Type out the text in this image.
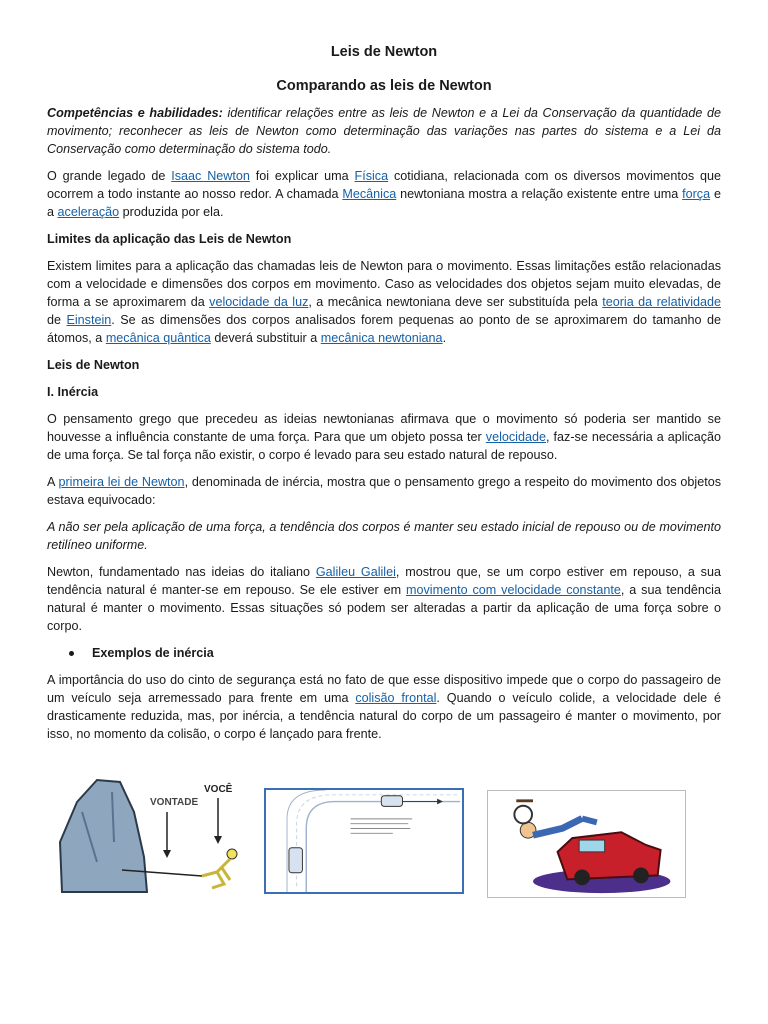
Leis de Newton
Comparando as leis de Newton

Competências e habilidades: identificar relações entre as leis de Newton e a Lei da Conservação da quantidade de movimento; reconhecer as leis de Newton como determinação das variações nas partes do sistema e a Lei da Conservação como determinação do sistema todo.

O grande legado de Isaac Newton foi explicar uma Física cotidiana, relacionada com os diversos movimentos que ocorrem a todo instante ao nosso redor. A chamada Mecânica newtoniana mostra a relação existente entre uma força e a aceleração produzida por ela.

Limites da aplicação das Leis de Newton

Existem limites para a aplicação das chamadas leis de Newton para o movimento. Essas limitações estão relacionadas com a velocidade e dimensões dos corpos em movimento. Caso as velocidades dos objetos sejam muito elevadas, de forma a se aproximarem da velocidade da luz, a mecânica newtoniana deve ser substituída pela teoria da relatividade de Einstein. Se as dimensões dos corpos analisados forem pequenas ao ponto de se aproximarem do tamanho de átomos, a mecânica quântica deverá substituir a mecânica newtoniana.

Leis de Newton

I. Inércia

O pensamento grego que precedeu as ideias newtonianas afirmava que o movimento só poderia ser mantido se houvesse a influência constante de uma força. Para que um objeto possa ter velocidade, faz-se necessária a aplicação de uma força. Se tal força não existir, o corpo é levado para seu estado natural de repouso.

A primeira lei de Newton, denominada de inércia, mostra que o pensamento grego a respeito do movimento dos objetos estava equivocado:

A não ser pela aplicação de uma força, a tendência dos corpos é manter seu estado inicial de repouso ou de movimento retilíneo uniforme.

Newton, fundamentado nas ideias do italiano Galileu Galilei, mostrou que, se um corpo estiver em repouso, a sua tendência natural é manter-se em repouso. Se ele estiver em movimento com velocidade constante, a sua tendência natural é manter o movimento. Essas situações só podem ser alteradas a partir da aplicação de uma força sobre o corpo.

Exemplos de inércia

A importância do uso do cinto de segurança está no fato de que esse dispositivo impede que o corpo do passageiro de um veículo seja arremessado para frente em uma colisão frontal. Quando o veículo colide, a velocidade dele é drasticamente reduzida, mas, por inércia, a tendência natural do corpo de um passageiro é manter o movimento, por isso, no momento da colisão, o corpo é lançado para frente.

VONTADE
VOCÊ
